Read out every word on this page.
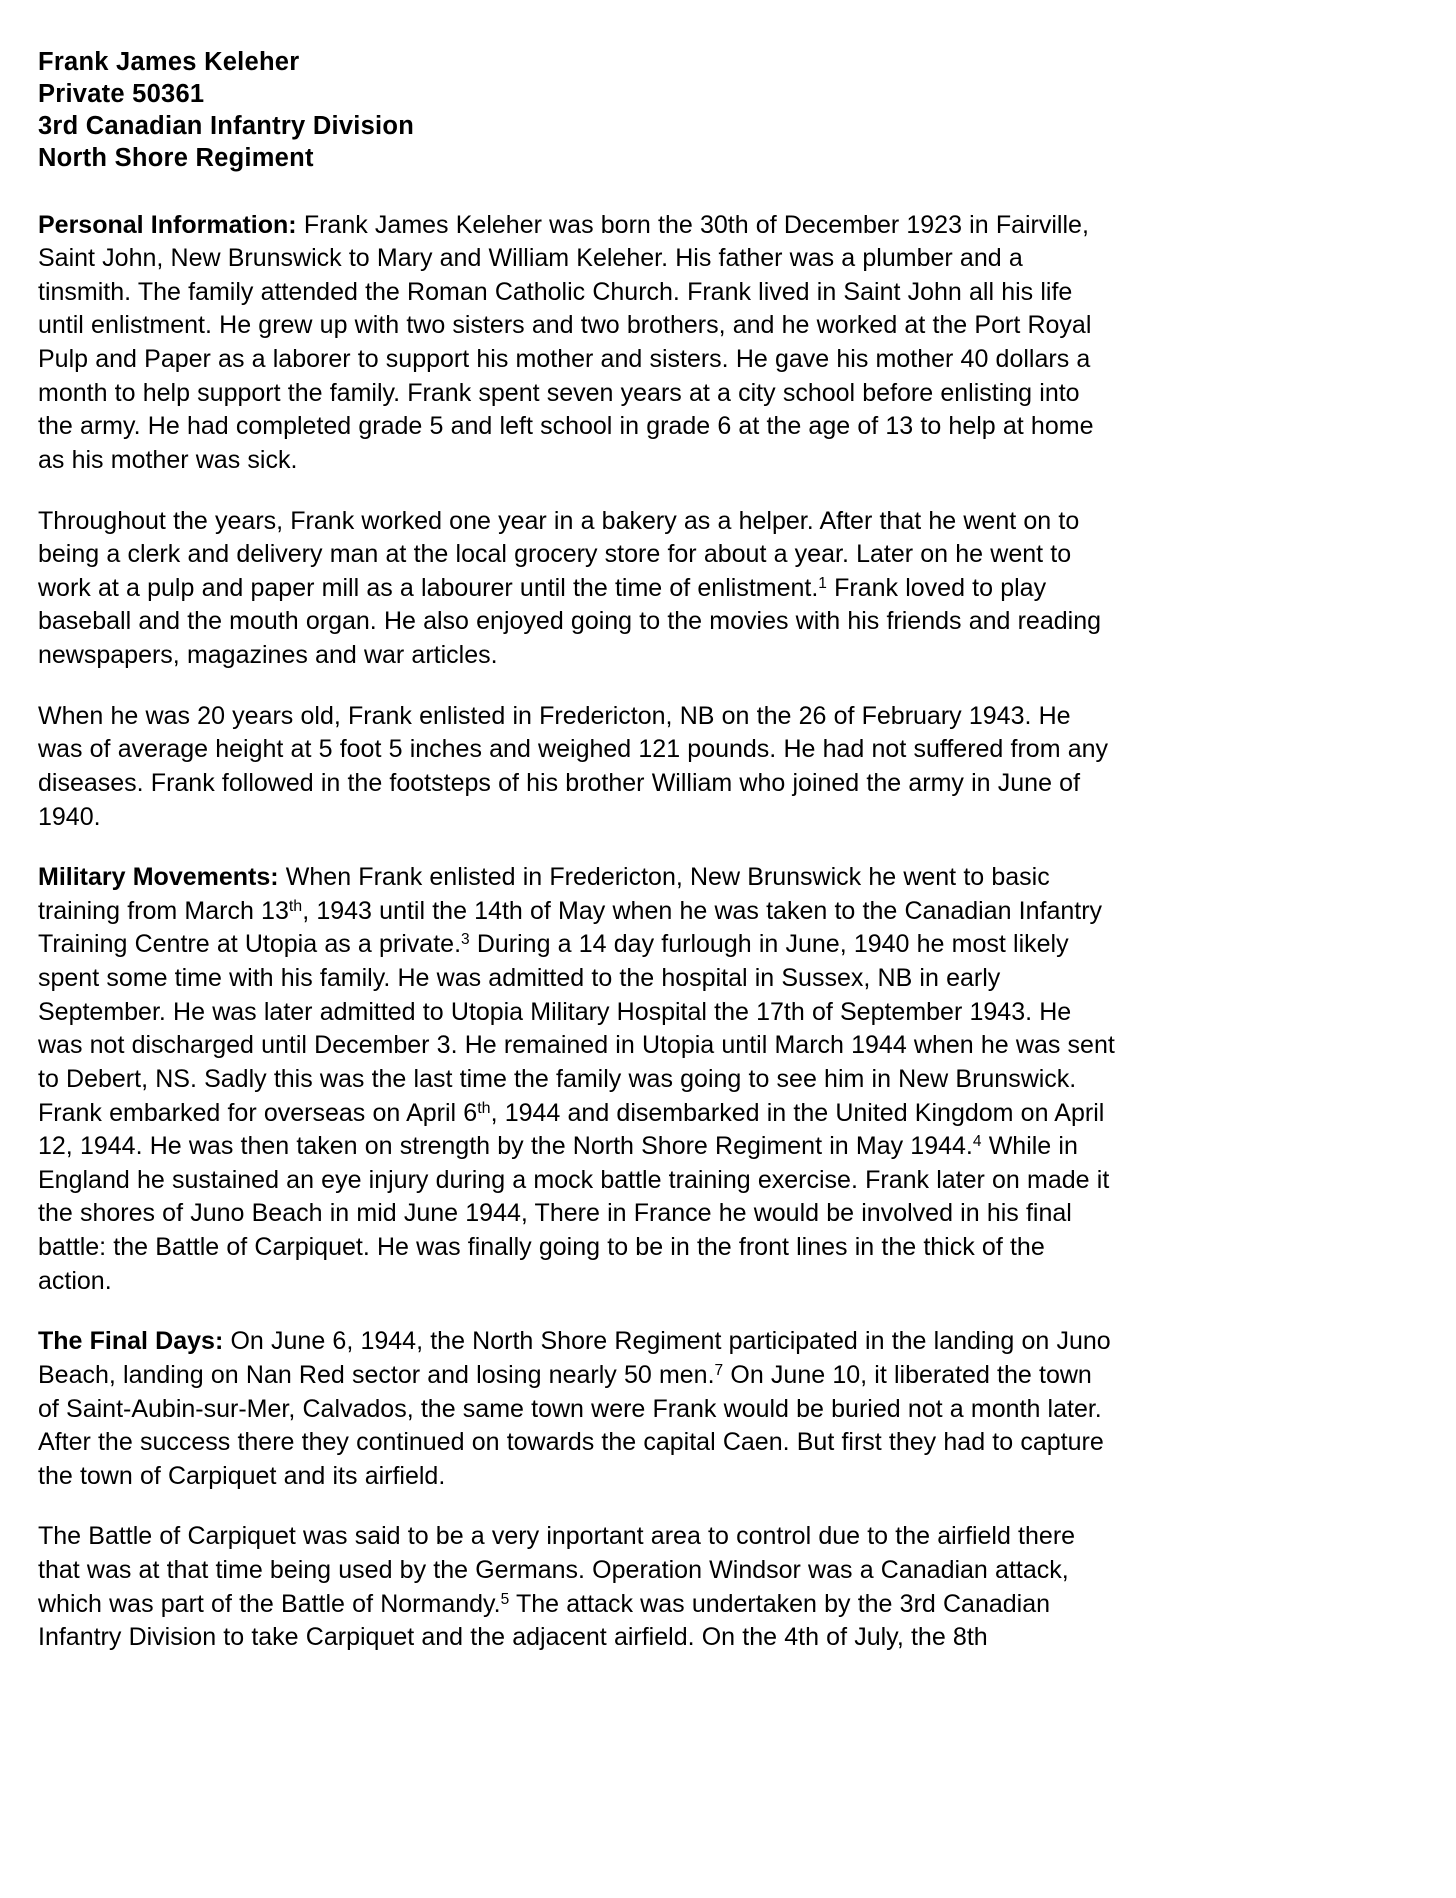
Frank James Keleher
Private 50361
3rd Canadian Infantry Division
North Shore Regiment

Personal Information: Frank James Keleher was born the 30th of December 1923 in Fairville, Saint John, New Brunswick to Mary and William Keleher. His father was a plumber and a tinsmith. The family attended the Roman Catholic Church. Frank lived in Saint John all his life until enlistment. He grew up with two sisters and two brothers, and he worked at the Port Royal Pulp and Paper as a laborer to support his mother and sisters. He gave his mother 40 dollars a month to help support the family. Frank spent seven years at a city school before enlisting into the army. He had completed grade 5 and left school in grade 6 at the age of 13 to help at home as his mother was sick.

Throughout the years, Frank worked one year in a bakery as a helper. After that he went on to being a clerk and delivery man at the local grocery store for about a year. Later on he went to work at a pulp and paper mill as a labourer until the time of enlistment.$^1$ Frank loved to play baseball and the mouth organ. He also enjoyed going to the movies with his friends and reading newspapers, magazines and war articles.

When he was 20 years old, Frank enlisted in Fredericton, NB on the 26 of February 1943. He was of average height at 5 foot 5 inches and weighed 121 pounds. He had not suffered from any diseases. Frank followed in the footsteps of his brother William who joined the army in June of 1940.

Military Movements: When Frank enlisted in Fredericton, New Brunswick he went to basic training from March 13th, 1943 until the 14th of May when he was taken to the Canadian Infantry Training Centre at Utopia as a private.$^3$ During a 14 day furlough in June, 1940 he most likely spent some time with his family. He was admitted to the hospital in Sussex, NB in early September. He was later admitted to Utopia Military Hospital the 17th of September 1943. He was not discharged until December 3. He remained in Utopia until March 1944 when he was sent to Debert, NS. Sadly this was the last time the family was going to see him in New Brunswick. Frank embarked for overseas on April 6th, 1944 and disembarked in the United Kingdom on April 12, 1944. He was then taken on strength by the North Shore Regiment in May 1944.$^4$ While in England he sustained an eye injury during a mock battle training exercise. Frank later on made it the shores of Juno Beach in mid June 1944, There in France he would be involved in his final battle: the Battle of Carpiquet. He was finally going to be in the front lines in the thick of the action.

The Final Days: On June 6, 1944, the North Shore Regiment participated in the landing on Juno Beach, landing on Nan Red sector and losing nearly 50 men.$^7$ On June 10, it liberated the town of Saint-Aubin-sur-Mer, Calvados, the same town were Frank would be buried not a month later. After the success there they continued on towards the capital Caen. But first they had to capture the town of Carpiquet and its airfield.

The Battle of Carpiquet was said to be a very inportant area to control due to the airfield there that was at that time being used by the Germans. Operation Windsor was a Canadian attack, which was part of the Battle of Normandy.$^5$ The attack was undertaken by the 3rd Canadian Infantry Division to take Carpiquet and the adjacent airfield. On the 4th of July, the 8th
